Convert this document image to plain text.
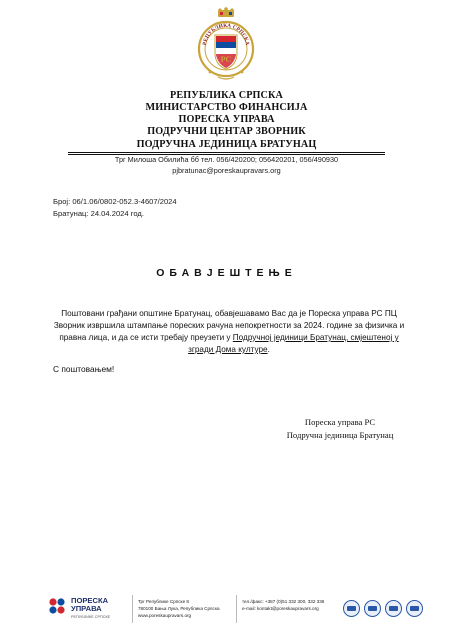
РЕПУБЛИКА СРПСКА
PC
РЕПУБЛИКА СРПСКА
МИНИСТАРСТВО ФИНАНСИЈА
ПОРЕСКА УПРАВА
ПОДРУЧНИ ЦЕНТАР ЗВОРНИК
ПОДРУЧНА ЈЕДИНИЦА БРАТУНАЦ
Трг Милоша Обилића бб тел. 056/420200; 056420201, 056/490930
pjbratunac@poreskaupravars.org
Број: 06/1.06/0802-052.3-4607/2024
Братунац: 24.04.2024 год.
ОБАВЈЕШТЕЊЕ
Поштовани грађани општине Братунац, обавјешавамо Вас да је Пореска управа РС ПЦ Зворник извршила штампање пореских рачуна непокретности за 2024. године за физичка и правна лица, и да се исти требају преузети у Подручној јединици Братунац, смјештеној у згради Дома културе.
С поштовањем!
Пореска управа РС
Подручна јединица Братунац
ПОРЕСКА
УПРАВА
РЕПУБЛИКЕ СРПСКЕ
Трг Републике Српске 8
780100 Бања Лука, Република Српска
www.poreskaupravars.org
тел./факс: +387 (0)51 332 300, 332 336
e-mail: kontakt@poreskaupravars.org
